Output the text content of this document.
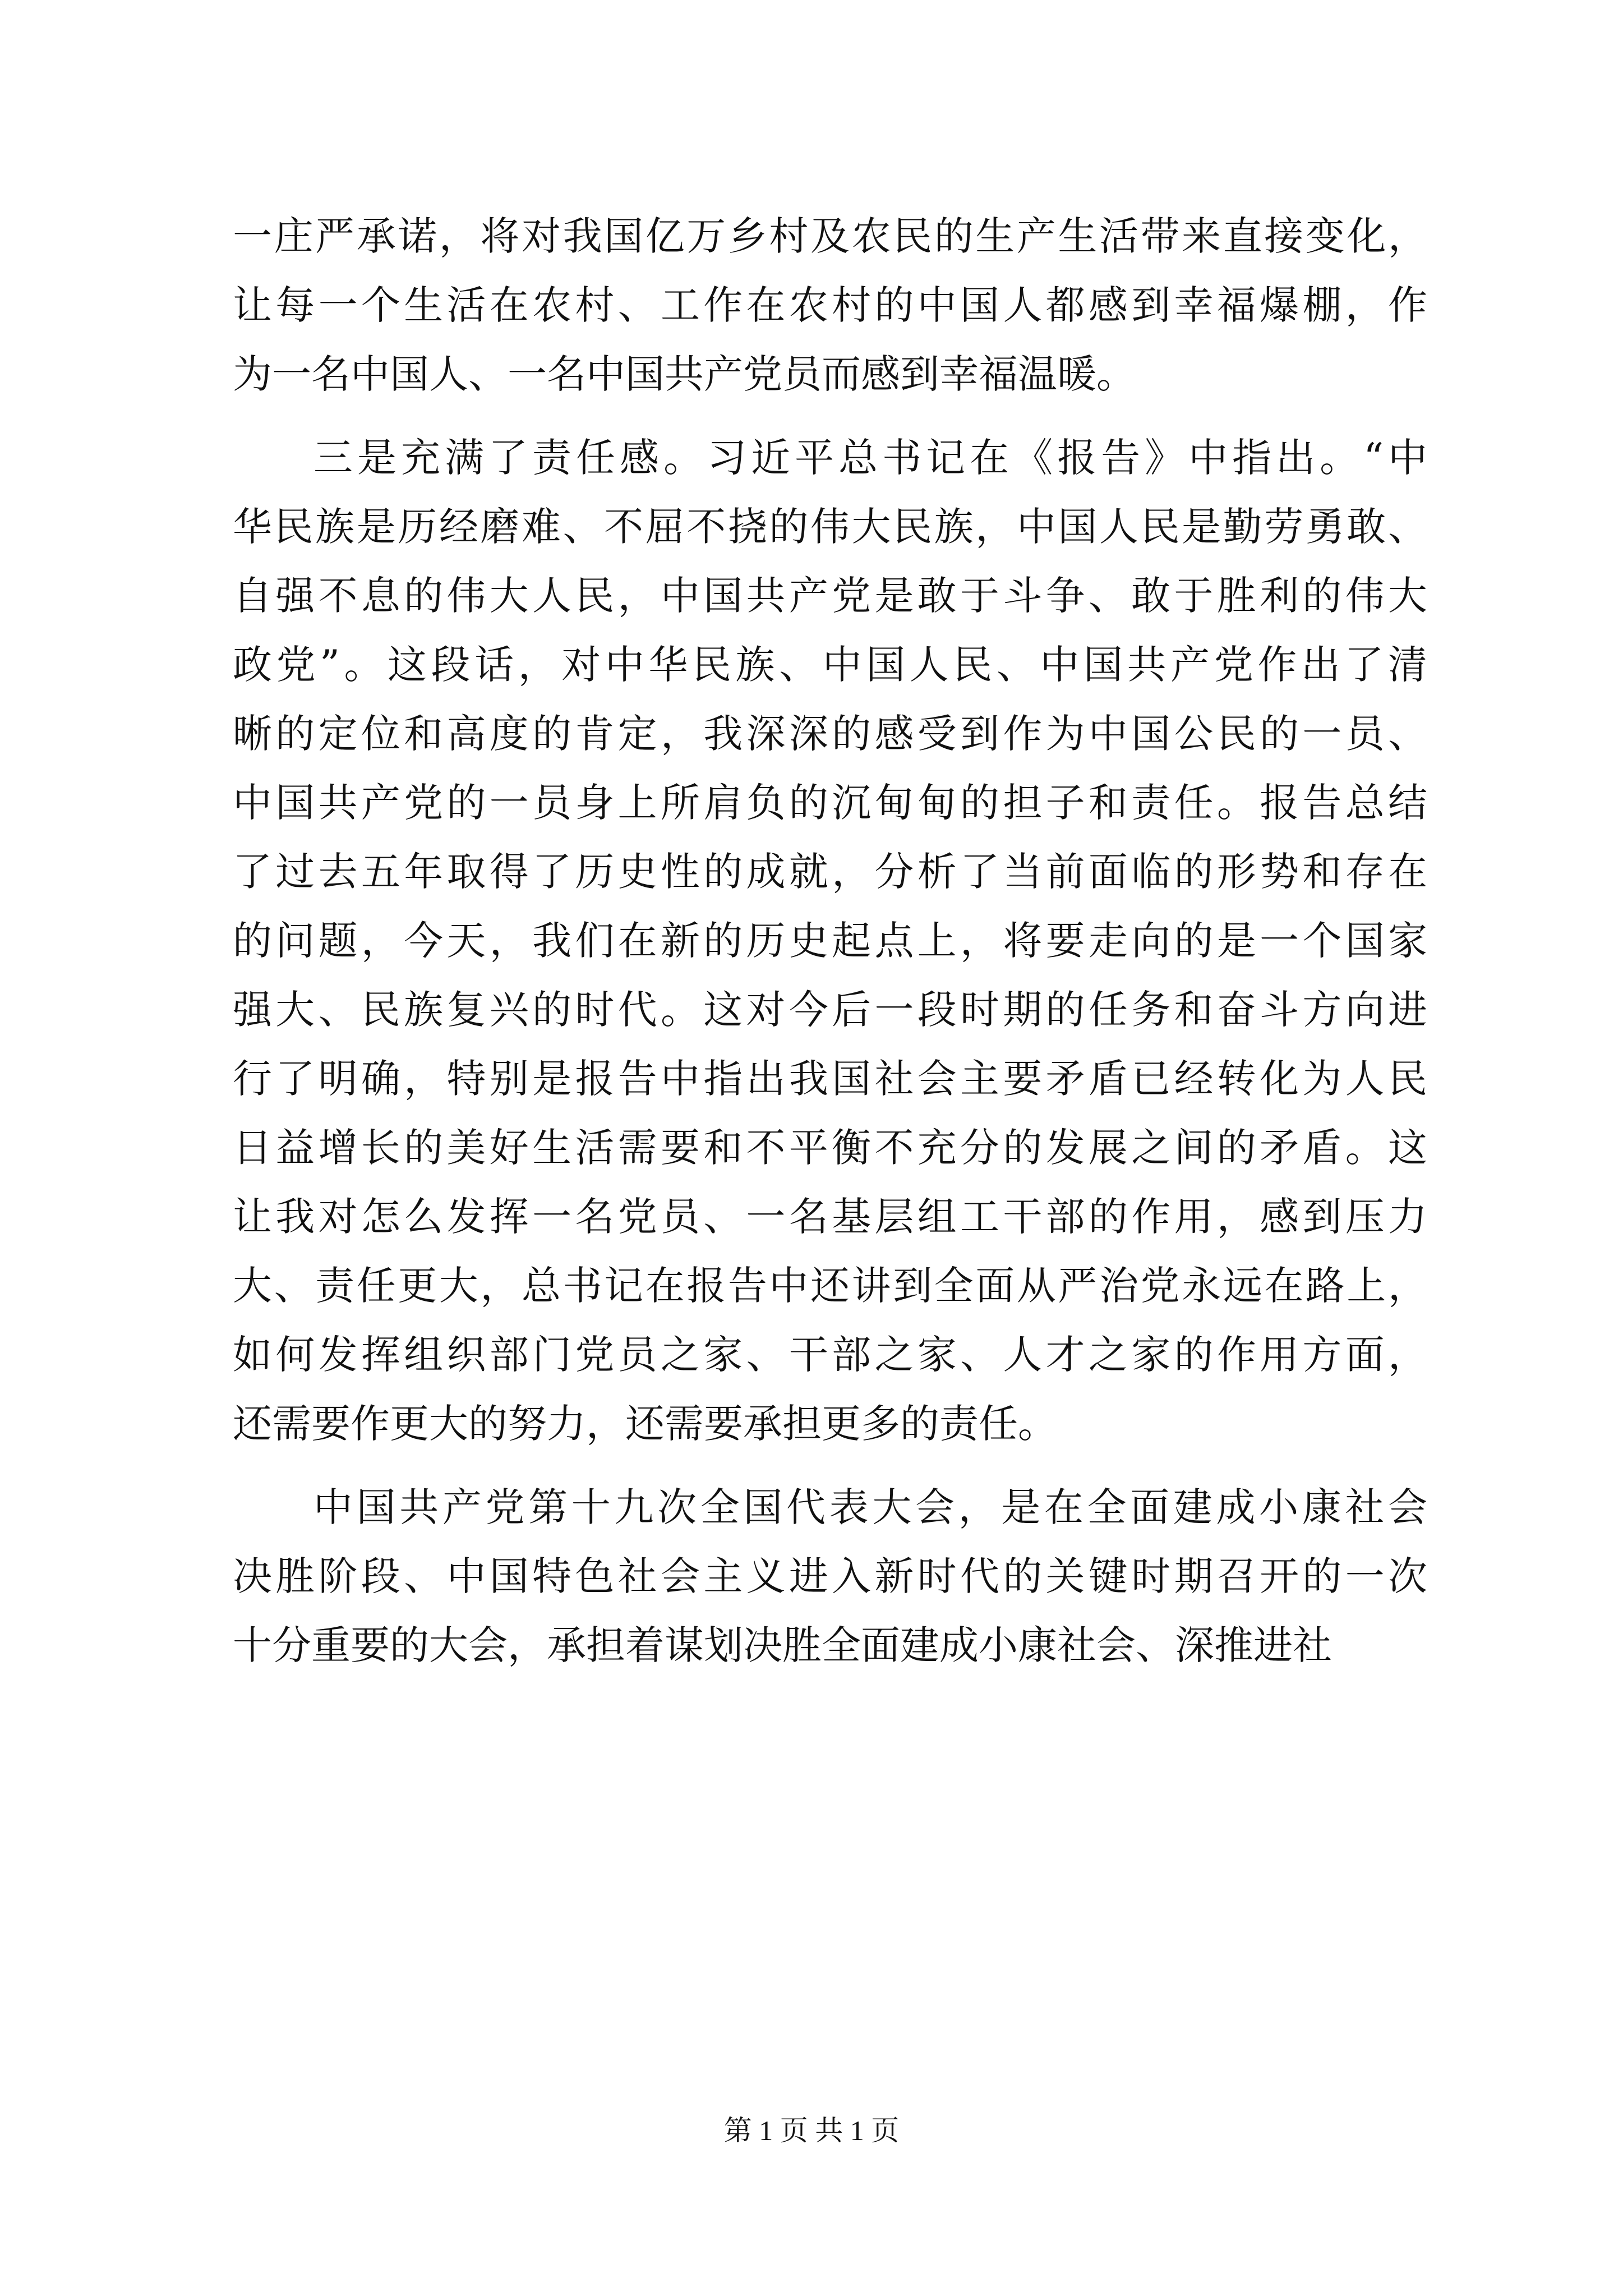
一庄严承诺，将对我国亿万乡村及农民的生产生活带来直接变化，
让每一个生活在农村、工作在农村的中国人都感到幸福爆棚，作
为一名中国人、一名中国共产党员而感到幸福温暖。
三是充满了责任感。习近平总书记在《报告》中指出。“中
华民族是历经磨难、不屈不挠的伟大民族，中国人民是勤劳勇敢、
自强不息的伟大人民，中国共产党是敢于斗争、敢于胜利的伟大
政党”。这段话，对中华民族、中国人民、中国共产党作出了清
晰的定位和高度的肯定，我深深的感受到作为中国公民的一员、
中国共产党的一员身上所肩负的沉甸甸的担子和责任。报告总结
了过去五年取得了历史性的成就，分析了当前面临的形势和存在
的问题，今天，我们在新的历史起点上，将要走向的是一个国家
强大、民族复兴的时代。这对今后一段时期的任务和奋斗方向进
行了明确，特别是报告中指出我国社会主要矛盾已经转化为人民
日益增长的美好生活需要和不平衡不充分的发展之间的矛盾。这
让我对怎么发挥一名党员、一名基层组工干部的作用，感到压力
大、责任更大，总书记在报告中还讲到全面从严治党永远在路上，
如何发挥组织部门党员之家、干部之家、人才之家的作用方面，
还需要作更大的努力，还需要承担更多的责任。
中国共产党第十九次全国代表大会，是在全面建成小康社会
决胜阶段、中国特色社会主义进入新时代的关键时期召开的一次
十分重要的大会，承担着谋划决胜全面建成小康社会、深推进社
第 1 页 共 1 页
